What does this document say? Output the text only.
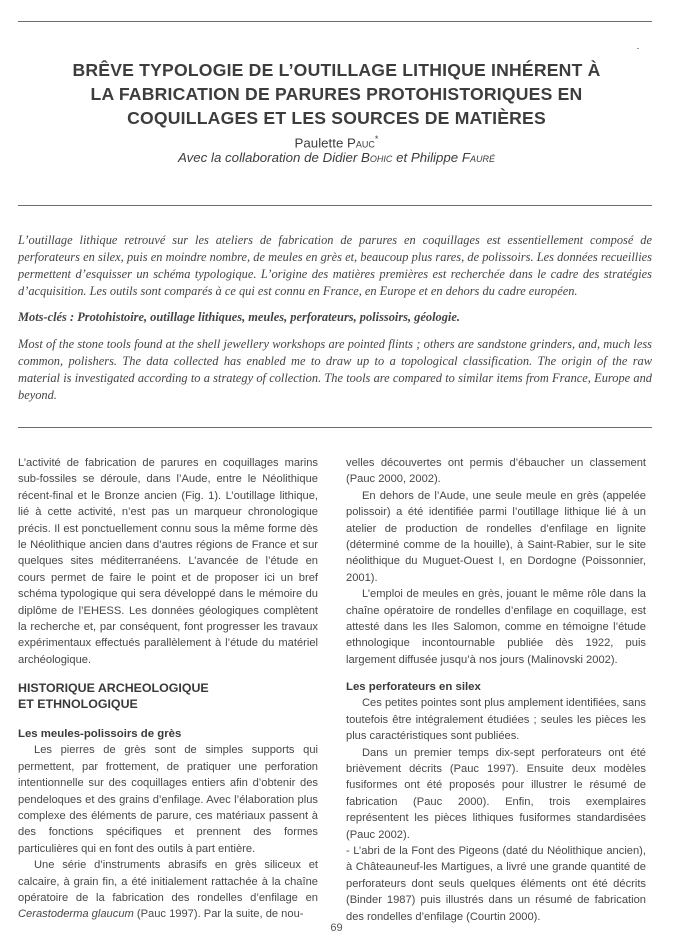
BRÊVE TYPOLOGIE DE L’OUTILLAGE LITHIQUE INHÉRENT À
LA FABRICATION DE PARURES PROTOHISTORIQUES EN
COQUILLAGES ET LES SOURCES DE MATIÈRES
Paulette Pauc*
Avec la collaboration de Didier Bohic et Philippe Fauré
L’outillage lithique retrouvé sur les ateliers de fabrication de parures en coquillages est essentiellement composé de perforateurs en silex, puis en moindre nombre, de meules en grès et, beaucoup plus rares, de polissoirs. Les données recueillies permettent d’esquisser un schéma typologique. L’origine des matières premières est recherchée dans le cadre des stratégies d’acquisition. Les outils sont comparés à ce qui est connu en France, en Europe et en dehors du cadre européen.
Mots-clés : Protohistoire, outillage lithiques, meules, perforateurs, polissoirs, géologie.
Most of the stone tools found at the shell jewellery workshops are pointed flints ; others are sandstone grinders, and, much less common, polishers. The data collected has enabled me to draw up to a topological classification. The origin of the raw material is investigated according to a strategy of collection. The tools are compared to similar items from France, Europe and beyond.

L’activité de fabrication de parures en coquillages marins sub-fossiles se déroule, dans l’Aude, entre le Néolithique récent-final et le Bronze ancien (Fig. 1). L’outillage lithique, lié à cette activité, n’est pas un marqueur chronologique précis. Il est ponctuellement connu sous la même forme dès le Néolithique ancien dans d’autres régions de France et sur quelques sites méditerranéens. L’avancée de l’étude en cours permet de faire le point et de proposer ici un bref schéma typologique qui sera développé dans le mémoire du diplôme de l’EHESS. Les données géologiques complètent la recherche et, par conséquent, font progresser les travaux expérimentaux effectués parallèlement à l’étude du matériel archéologique.

HISTORIQUE ARCHEOLOGIQUE
ET ETHNOLOGIQUE
Les meules-polissoirs de grès

Les pierres de grès sont de simples supports qui permettent, par frottement, de pratiquer une perforation intentionnelle sur des coquillages entiers afin d’obtenir des pendeloques et des grains d’enfilage. Avec l’élaboration plus complexe des éléments de parure, ces matériaux passent à des fonctions spécifiques et prennent des formes particulières qui en font des outils à part entière.

Une série d’instruments abrasifs en grès siliceux et calcaire, à grain fin, a été initialement rattachée à la chaîne opératoire de la fabrication des rondelles d’enfilage en Cerastoderma glaucum (Pauc 1997). Par la suite, de nou-

velles découvertes ont permis d’ébaucher un classement (Pauc 2000, 2002).

En dehors de l’Aude, une seule meule en grès (appelée polissoir) a été identifiée parmi l’outillage lithique lié à un atelier de production de rondelles d’enfilage en lignite (déterminé comme de la houille), à Saint-Rabier, sur le site néolithique du Muguet-Ouest I, en Dordogne (Poissonnier, 2001).

L’emploi de meules en grès, jouant le même rôle dans la chaîne opératoire de rondelles d’enfilage en coquillage, est attesté dans les Iles Salomon, comme en témoigne l’étude ethnologique incontournable publiée dès 1922, puis largement diffusée jusqu’à nos jours (Malinovski 2002).

Les perforateurs en silex

Ces petites pointes sont plus amplement identifiées, sans toutefois être intégralement étudiées ; seules les pièces les plus caractéristiques sont publiées.

Dans un premier temps dix-sept perforateurs ont été brièvement décrits (Pauc 1997). Ensuite deux modèles fusiformes ont été proposés pour illustrer le résumé de fabrication (Pauc 2000). Enfin, trois exemplaires représentent les pièces lithiques fusiformes standardisées (Pauc 2002).

- L’abri de la Font des Pigeons (daté du Néolithique ancien), à Châteauneuf-les Martigues, a livré une grande quantité de perforateurs dont seuls quelques éléments ont été décrits (Binder 1987) puis illustrés dans un résumé de fabrication des rondelles d’enfilage (Courtin 2000).

69
